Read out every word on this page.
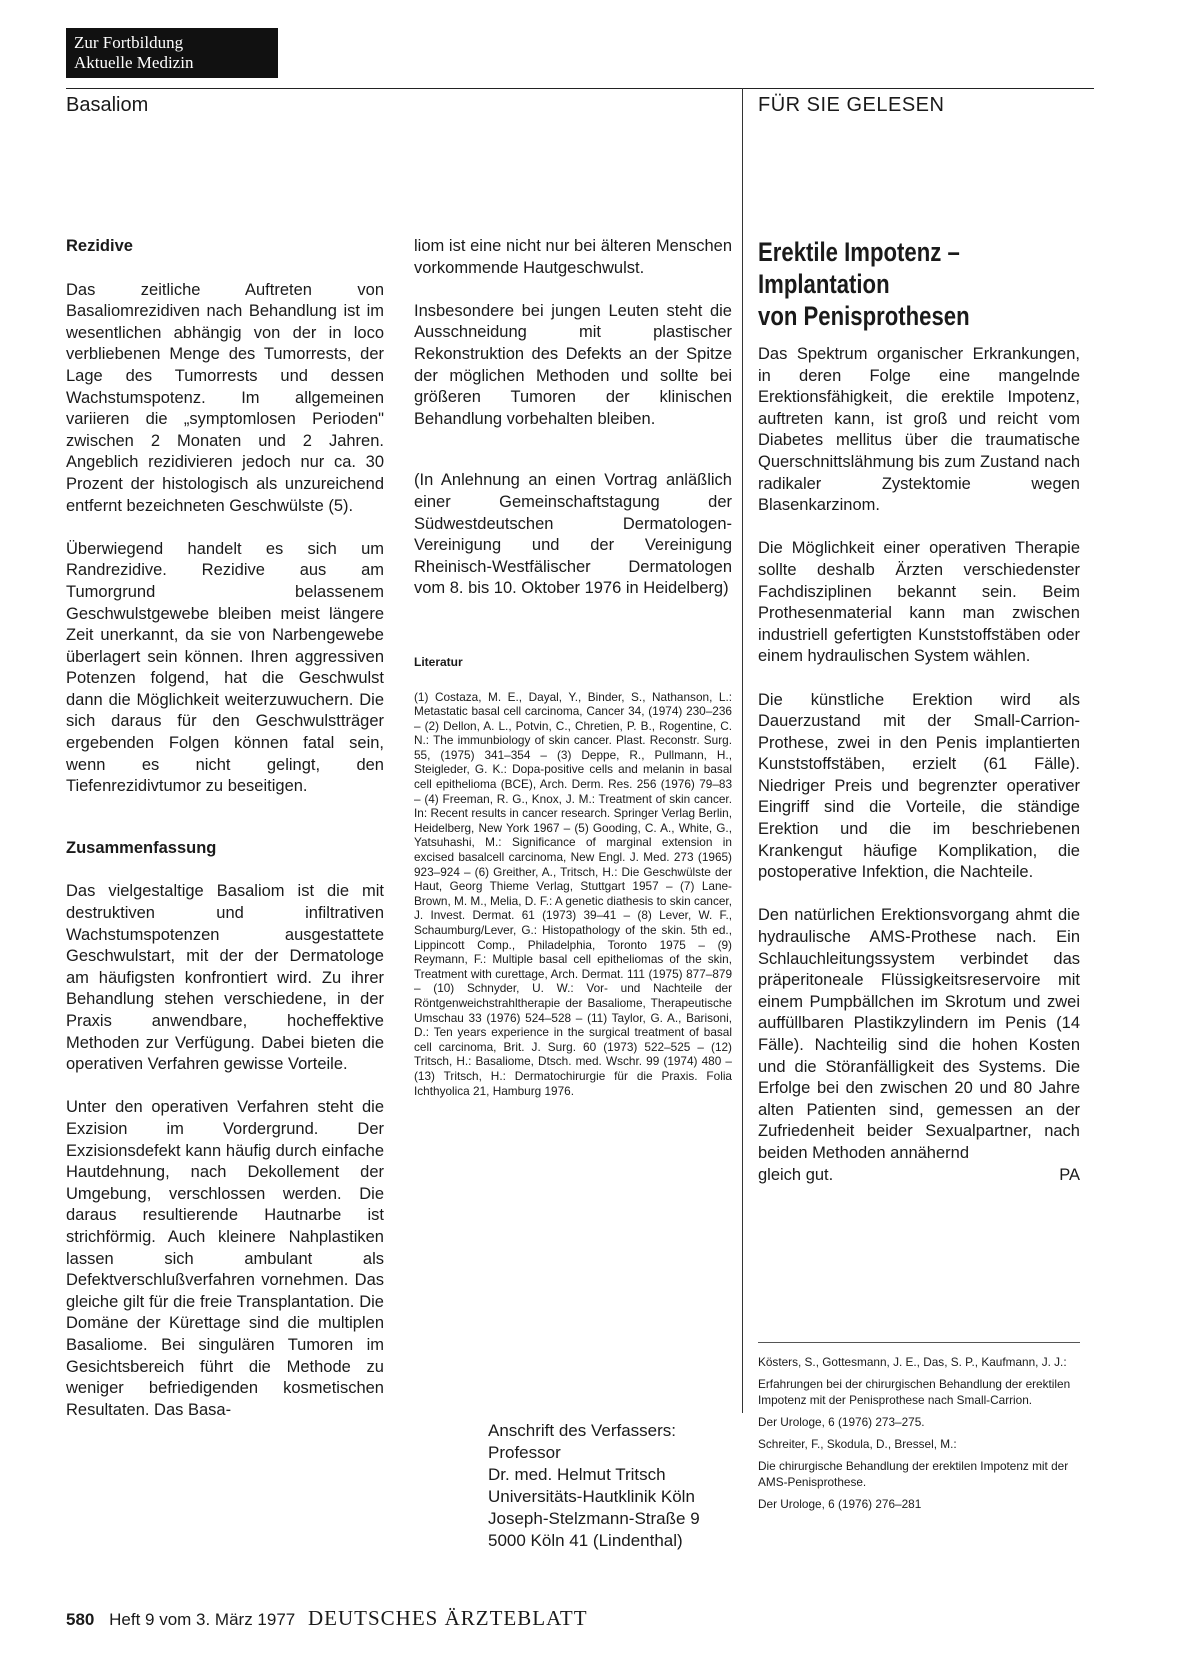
Zur Fortbildung
Aktuelle Medizin
Basaliom	FÜR SIE GELESEN
Rezidive

Das zeitliche Auftreten von Basaliomrezidiven nach Behandlung ist im wesentlichen abhängig von der in loco verbliebenen Menge des Tumorrests, der Lage des Tumorrests und dessen Wachstumspotenz. Im allgemeinen variieren die „symptomlosen Perioden" zwischen 2 Monaten und 2 Jahren. Angeblich rezidivieren jedoch nur ca. 30 Prozent der histologisch als unzureichend entfernt bezeichneten Geschwülste (5).

Überwiegend handelt es sich um Randrezidive. Rezidive aus am Tumorgrund belassenem Geschwulstgewebe bleiben meist längere Zeit unerkannt, da sie von Narbengewebe überlagert sein können. Ihren aggressiven Potenzen folgend, hat die Geschwulst dann die Möglichkeit weiterzuwuchern. Die sich daraus für den Geschwulstträger ergebenden Folgen können fatal sein, wenn es nicht gelingt, den Tiefenrezidivtumor zu beseitigen.

Zusammenfassung

Das vielgestaltige Basaliom ist die mit destruktiven und infiltrativen Wachstumspotenzen ausgestattete Geschwulstart, mit der der Dermatologe am häufigsten konfrontiert wird. Zu ihrer Behandlung stehen verschiedene, in der Praxis anwendbare, hocheffektive Methoden zur Verfügung. Dabei bieten die operativen Verfahren gewisse Vorteile.

Unter den operativen Verfahren steht die Exzision im Vordergrund. Der Exzisionsdefekt kann häufig durch einfache Hautdehnung, nach Dekollement der Umgebung, verschlossen werden. Die daraus resultierende Hautnarbe ist strichförmig. Auch kleinere Nahplastiken lassen sich ambulant als Defektverschlußverfahren vornehmen. Das gleiche gilt für die freie Transplantation. Die Domäne der Kürettage sind die multiplen Basaliome. Bei singulären Tumoren im Gesichtsbereich führt die Methode zu weniger befriedigenden kosmetischen Resultaten. Das Basa-

liom ist eine nicht nur bei älteren Menschen vorkommende Hautgeschwulst.

Insbesondere bei jungen Leuten steht die Ausschneidung mit plastischer Rekonstruktion des Defekts an der Spitze der möglichen Methoden und sollte bei größeren Tumoren der klinischen Behandlung vorbehalten bleiben.

(In Anlehnung an einen Vortrag anläßlich einer Gemeinschaftstagung der Südwestdeutschen Dermatologen-Vereinigung und der Vereinigung Rheinisch-Westfälischer Dermatologen vom 8. bis 10. Oktober 1976 in Heidelberg)

Literatur

(1) Costaza, M. E., Dayal, Y., Binder, S., Nathanson, L.: Metastatic basal cell carcinoma, Cancer 34, (1974) 230–236 – (2) Dellon, A. L., Potvin, C., Chretien, P. B., Rogentine, C. N.: The immunbiology of skin cancer. Plast. Reconstr. Surg. 55, (1975) 341–354 – (3) Deppe, R., Pullmann, H., Steigleder, G. K.: Dopa-positive cells and melanin in basal cell epithelioma (BCE), Arch. Derm. Res. 256 (1976) 79–83 – (4) Freeman, R. G., Knox, J. M.: Treatment of skin cancer. In: Recent results in cancer research. Springer Verlag Berlin, Heidelberg, New York 1967 – (5) Gooding, C. A., White, G., Yatsuhashi, M.: Significance of marginal extension in excised basalcell carcinoma, New Engl. J. Med. 273 (1965) 923–924 – (6) Greither, A., Tritsch, H.: Die Geschwülste der Haut, Georg Thieme Verlag, Stuttgart 1957 – (7) Lane-Brown, M. M., Melia, D. F.: A genetic diathesis to skin cancer, J. Invest. Dermat. 61 (1973) 39–41 – (8) Lever, W. F., Schaumburg/Lever, G.: Histopathology of the skin. 5th ed., Lippincott Comp., Philadelphia, Toronto 1975 – (9) Reymann, F.: Multiple basal cell epitheliomas of the skin, Treatment with curettage, Arch. Dermat. 111 (1975) 877–879 – (10) Schnyder, U. W.: Vor- und Nachteile der Röntgenweichstrahltherapie der Basaliome, Therapeutische Umschau 33 (1976) 524–528 – (11) Taylor, G. A., Barisoni, D.: Ten years experience in the surgical treatment of basal cell carcinoma, Brit. J. Surg. 60 (1973) 522–525 – (12) Tritsch, H.: Basaliome, Dtsch. med. Wschr. 99 (1974) 480 – (13) Tritsch, H.: Dermatochirurgie für die Praxis. Folia Ichthyolica 21, Hamburg 1976.

Anschrift des Verfassers:
Professor
Dr. med. Helmut Tritsch
Universitäts-Hautklinik Köln
Joseph-Stelzmann-Straße 9
5000 Köln 41 (Lindenthal)
Erektile Impotenz –
Implantation
von Penisprothesen

Das Spektrum organischer Erkrankungen, in deren Folge eine mangelnde Erektionsfähigkeit, die erektile Impotenz, auftreten kann, ist groß und reicht vom Diabetes mellitus über die traumatische Querschnittslähmung bis zum Zustand nach radikaler Zystektomie wegen Blasenkarzinom.

Die Möglichkeit einer operativen Therapie sollte deshalb Ärzten verschiedenster Fachdisziplinen bekannt sein. Beim Prothesenmaterial kann man zwischen industriell gefertigten Kunststoffstäben oder einem hydraulischen System wählen.

Die künstliche Erektion wird als Dauerzustand mit der Small-Carrion-Prothese, zwei in den Penis implantierten Kunststoffstäben, erzielt (61 Fälle). Niedriger Preis und begrenzter operativer Eingriff sind die Vorteile, die ständige Erektion und die im beschriebenen Krankengut häufige Komplikation, die postoperative Infektion, die Nachteile.

Den natürlichen Erektionsvorgang ahmt die hydraulische AMS-Prothese nach. Ein Schlauchleitungssystem verbindet das präperitoneale Flüssigkeitsreservoire mit einem Pumpbällchen im Skrotum und zwei auffüllbaren Plastikzylindern im Penis (14 Fälle). Nachteilig sind die hohen Kosten und die Störanfälligkeit des Systems. Die Erfolge bei den zwischen 20 und 80 Jahre alten Patienten sind, gemessen an der Zufriedenheit beider Sexualpartner, nach beiden Methoden annähernd

gleich gut.	PA

Kösters, S., Gottesmann, J. E., Das, S. P., Kaufmann, J. J.:

Erfahrungen bei der chirurgischen Behandlung der erektilen Impotenz mit der Penisprothese nach Small-Carrion.

Der Urologe, 6 (1976) 273–275.

Schreiter, F., Skodula, D., Bressel, M.:

Die chirurgische Behandlung der erektilen Impotenz mit der AMS-Penisprothese.

Der Urologe, 6 (1976) 276–281

580 Heft 9 vom 3. März 1977 DEUTSCHES ÄRZTEBLATT
